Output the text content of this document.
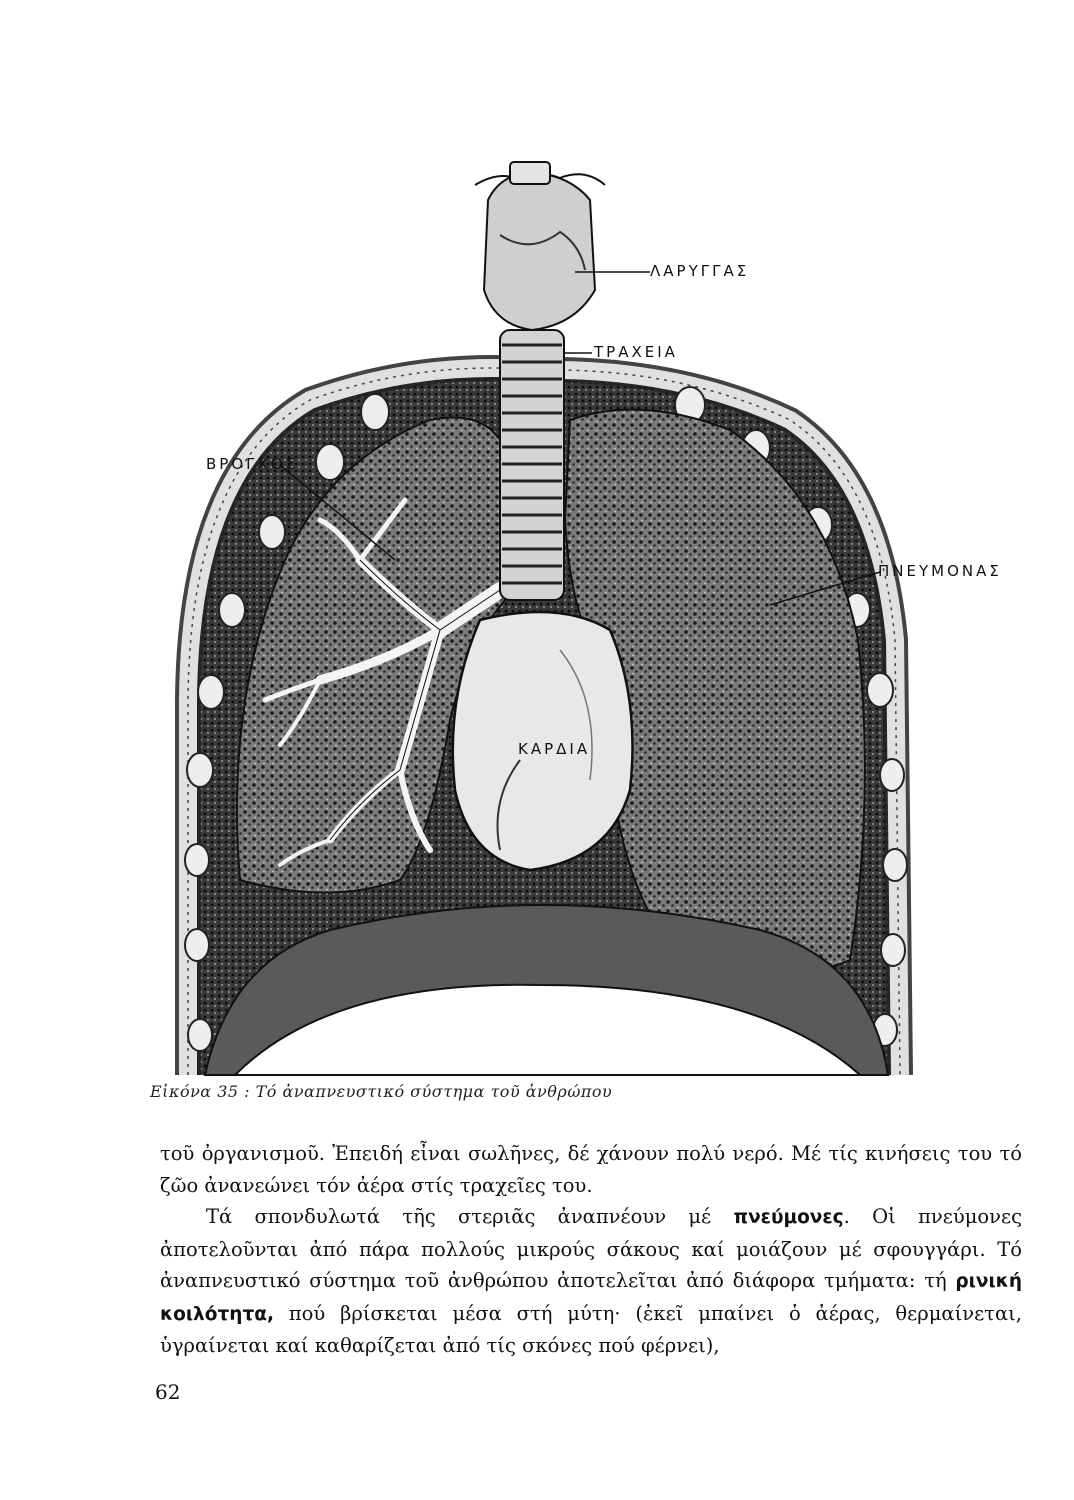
ΛΑΡΥΓΓΑΣ
ΤΡΑΧΕΙΑ
ΒΡΟΓΧΟΣ
ΠΝΕΥΜΟΝΑΣ
ΚΑΡΔΙΑ
Εἰκόνα 35 : Τό ἀναπνευστικό σύστημα τοῦ ἀνθρώπου

τοῦ ὀργανισμοῦ. Ἐπειδή εἶναι σωλῆνες, δέ χάνουν πολύ νερό. Μέ τίς κινήσεις του τό ζῶο ἀνανεώνει τόν ἀέρα στίς τραχεῖες του.

Τά σπονδυλωτά τῆς στεριᾶς ἀναπνέουν μέ πνεύμονες. Οἱ πνεύμονες ἀποτελοῦνται ἀπό πάρα πολλούς μικρούς σάκους καί μοιάζουν μέ σφουγγάρι. Τό ἀναπνευστικό σύστημα τοῦ ἀνθρώπου ἀποτελεῖται ἀπό διάφορα τμήματα: τή ρινική κοιλότητα, πού βρίσκεται μέσα στή μύτη· (ἐκεῖ μπαίνει ὁ ἀέρας, θερμαίνεται, ὑγραίνεται καί καθαρίζεται ἀπό τίς σκόνες πού φέρνει),

62
